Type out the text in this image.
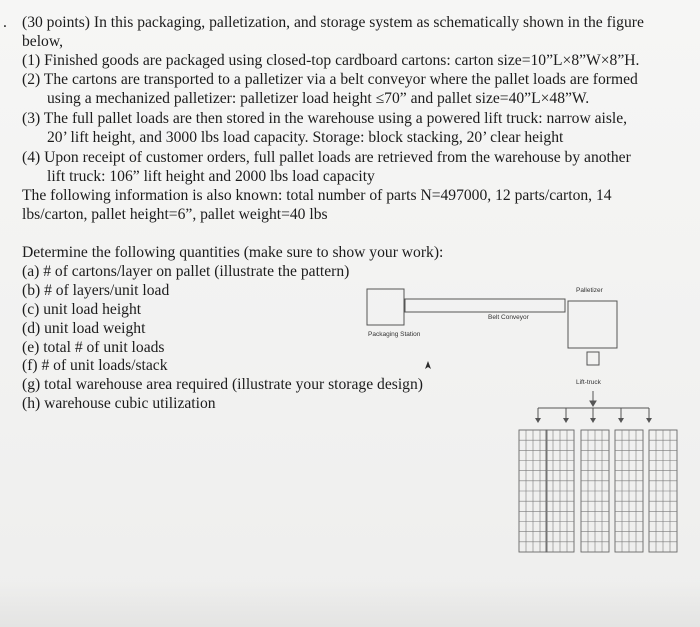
. (30 points) In this packaging, palletization, and storage system as schematically shown in the figure
below,
(1) Finished goods are packaged using closed-top cardboard cartons: carton size=10”L×8”W×8”H.
(2) The cartons are transported to a palletizer via a belt conveyor where the pallet loads are formed
using a mechanized palletizer: palletizer load height ≤70” and pallet size=40”L×48”W.
(3) The full pallet loads are then stored in the warehouse using a powered lift truck: narrow aisle,
20’ lift height, and 3000 lbs load capacity. Storage: block stacking, 20’ clear height
(4) Upon receipt of customer orders, full pallet loads are retrieved from the warehouse by another
lift truck: 106” lift height and 2000 lbs load capacity
The following information is also known: total number of parts N=497000, 12 parts/carton, 14
lbs/carton, pallet height=6”, pallet weight=40 lbs
Determine the following quantities (make sure to show your work):
(a) # of cartons/layer on pallet (illustrate the pattern)
(b) # of layers/unit load
(c) unit load height
(d) unit load weight
(e) total # of unit loads
(f) # of unit loads/stack
(g) total warehouse area required (illustrate your storage design)
(h) warehouse cubic utilization
Palletizer
Belt Conveyor
Packaging Station
Lift-truck
